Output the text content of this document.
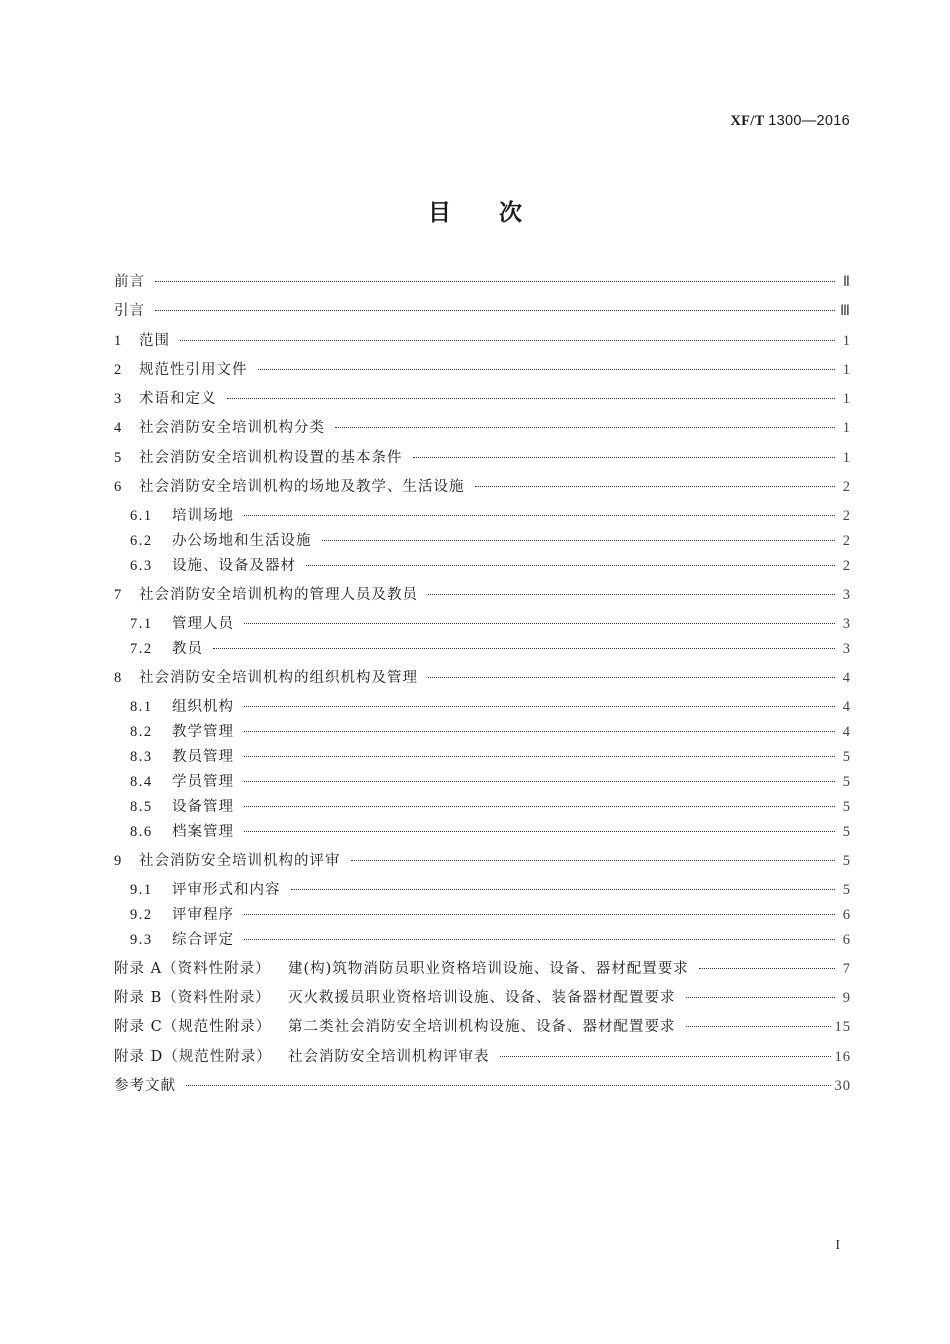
XF/T 1300—2016
目次
前言	Ⅱ
引言	Ⅲ
1	范围	1
2	规范性引用文件	1
3	术语和定义	1
4	社会消防安全培训机构分类	1
5	社会消防安全培训机构设置的基本条件	1
6	社会消防安全培训机构的场地及教学、生活设施	2
6.1	培训场地	2
6.2	办公场地和生活设施	2
6.3	设施、设备及器材	2
7	社会消防安全培训机构的管理人员及教员	3
7.1	管理人员	3
7.2	教员	3
8	社会消防安全培训机构的组织机构及管理	4
8.1	组织机构	4
8.2	教学管理	4
8.3	教员管理	5
8.4	学员管理	5
8.5	设备管理	5
8.6	档案管理	5
9	社会消防安全培训机构的评审	5
9.1	评审形式和内容	5
9.2	评审程序	6
9.3	综合评定	6
附录 A（资料性附录）	建(构)筑物消防员职业资格培训设施、设备、器材配置要求	7
附录 B（资料性附录）	灭火救援员职业资格培训设施、设备、装备器材配置要求	9
附录 C（规范性附录）	第二类社会消防安全培训机构设施、设备、器材配置要求	15
附录 D（规范性附录）	社会消防安全培训机构评审表	16
参考文献	30
I
